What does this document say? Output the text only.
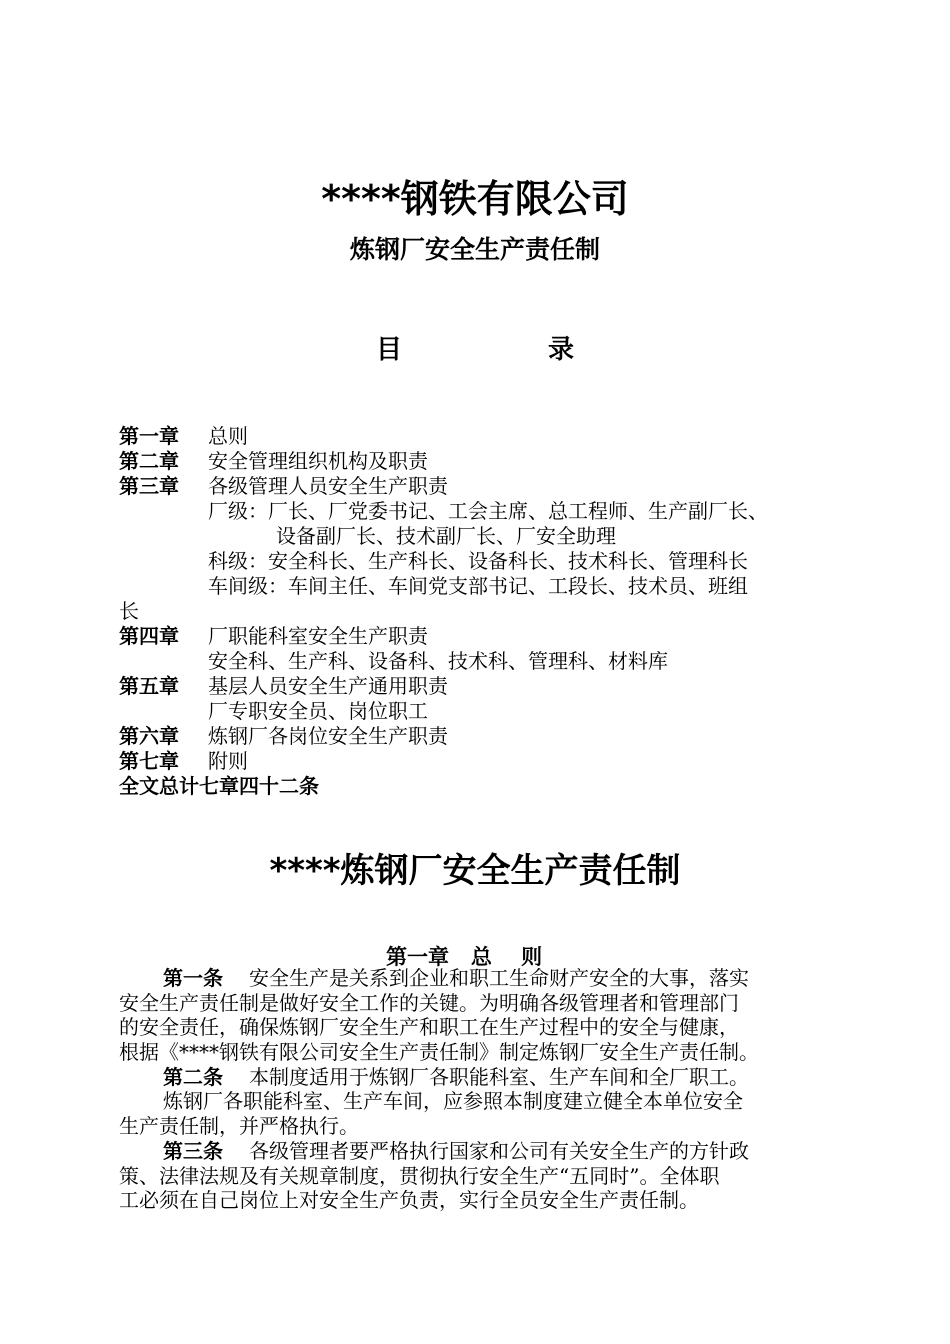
****钢铁有限公司
炼钢厂安全生产责任制
目	录
第一章 总则
第二章 安全管理组织机构及职责
第三章 各级管理人员安全生产职责
厂级：厂长、厂党委书记、工会主席、总工程师、生产副厂长、
设备副厂长、技术副厂长、厂安全助理
科级：安全科长、生产科长、设备科长、技术科长、管理科长
车间级：车间主任、车间党支部书记、工段长、技术员、班组
长
第四章 厂职能科室安全生产职责
安全科、生产科、设备科、技术科、管理科、材料库
第五章 基层人员安全生产通用职责
厂专职安全员、岗位职工
第六章 炼钢厂各岗位安全生产职责
第七章 附则
全文总计七章四十二条
****炼钢厂安全生产责任制
第一章   总    则
第一条 安全生产是关系到企业和职工生命财产安全的大事，落实
安全生产责任制是做好安全工作的关键。为明确各级管理者和管理部门
的安全责任，确保炼钢厂安全生产和职工在生产过程中的安全与健康，
根据《****钢铁有限公司安全生产责任制》制定炼钢厂安全生产责任制。
第二条 本制度适用于炼钢厂各职能科室、生产车间和全厂职工。
炼钢厂各职能科室、生产车间，应参照本制度建立健全本单位安全
生产责任制，并严格执行。
第三条 各级管理者要严格执行国家和公司有关安全生产的方针政
策、法律法规及有关规章制度，贯彻执行安全生产“五同时”。全体职
工必须在自己岗位上对安全生产负责，实行全员安全生产责任制。
